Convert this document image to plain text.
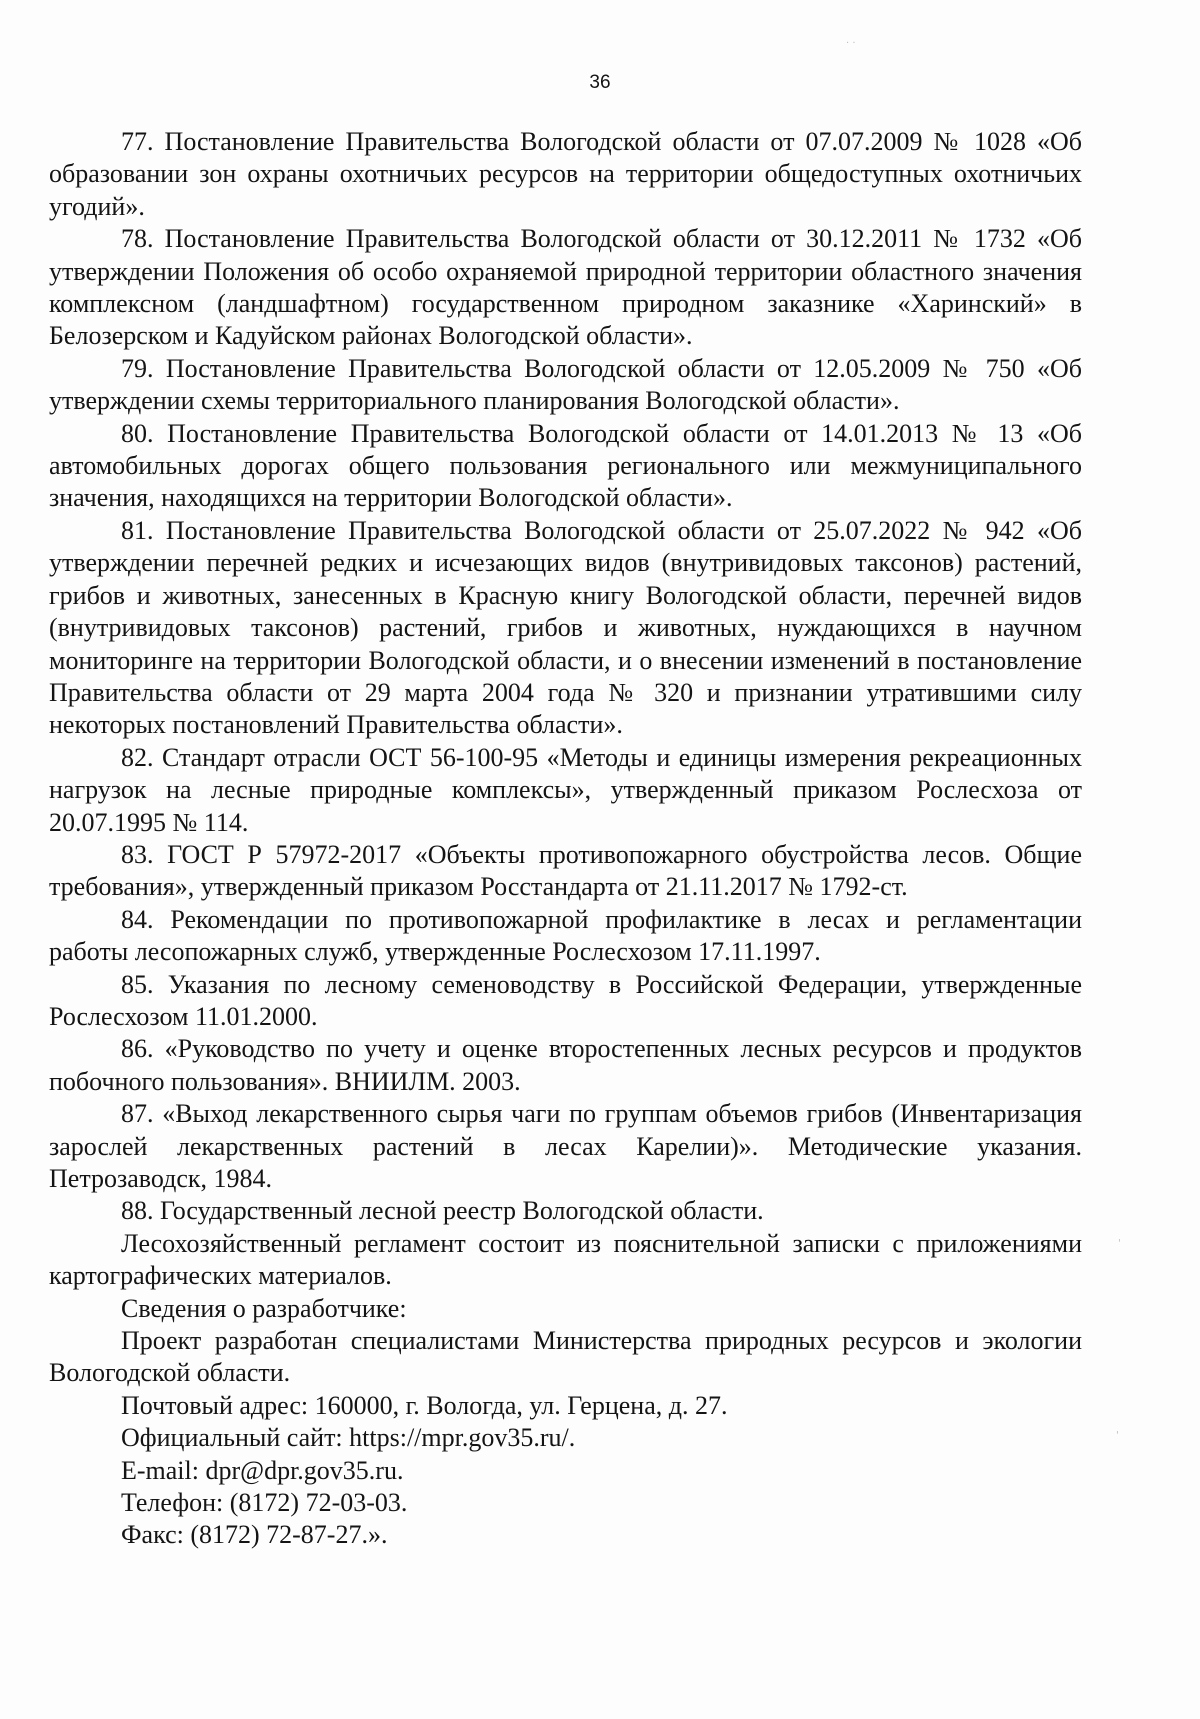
· ·
36

77. Постановление Правительства Вологодской области от 07.07.2009 № 1028 «Об образовании зон охраны охотничьих ресурсов на территории общедоступных охотничьих угодий».

78. Постановление Правительства Вологодской области от 30.12.2011 № 1732 «Об утверждении Положения об особо охраняемой природной территории областного значения комплексном (ландшафтном) государственном природном заказнике «Харинский» в Белозерском и Кадуйском районах Вологодской области».

79. Постановление Правительства Вологодской области от 12.05.2009 № 750 «Об утверждении схемы территориального планирования Вологодской области».

80. Постановление Правительства Вологодской области от 14.01.2013 № 13 «Об автомобильных дорогах общего пользования регионального или межмуниципального значения, находящихся на территории Вологодской области».

81. Постановление Правительства Вологодской области от 25.07.2022 № 942 «Об утверждении перечней редких и исчезающих видов (внутривидовых таксонов) растений, грибов и животных, занесенных в Красную книгу Вологодской области, перечней видов (внутривидовых таксонов) растений, грибов и животных, нуждающихся в научном мониторинге на территории Вологодской области, и о внесении изменений в постановление Правительства области от 29 марта 2004 года № 320 и признании утратившими силу некоторых постановлений Правительства области».

82. Стандарт отрасли ОСТ 56-100-95 «Методы и единицы измерения рекреационных нагрузок на лесные природные комплексы», утвержденный приказом Рослесхоза от 20.07.1995 № 114.

83. ГОСТ Р 57972-2017 «Объекты противопожарного обустройства лесов. Общие требования», утвержденный приказом Росстандарта от 21.11.2017 № 1792-ст.

84. Рекомендации по противопожарной профилактике в лесах и регламентации работы лесопожарных служб, утвержденные Рослесхозом 17.11.1997.

85. Указания по лесному семеноводству в Российской Федерации, утвержденные Рослесхозом 11.01.2000.

86. «Руководство по учету и оценке второстепенных лесных ресурсов и продуктов побочного пользования». ВНИИЛМ. 2003.

87. «Выход лекарственного сырья чаги по группам объемов грибов (Инвентаризация зарослей лекарственных растений в лесах Карелии)». Методические указания. Петрозаводск, 1984.

88. Государственный лесной реестр Вологодской области.

Лесохозяйственный регламент состоит из пояснительной записки с приложениями картографических материалов.

Сведения о разработчике:

Проект разработан специалистами Министерства природных ресурсов и экологии Вологодской области.

Почтовый адрес: 160000, г. Вологда, ул. Герцена, д. 27.

Официальный сайт: https://mpr.gov35.ru/.

E-mail: dpr@dpr.gov35.ru.

Телефон: (8172) 72-03-03.

Факс: (8172) 72-87-27.».

'
'
